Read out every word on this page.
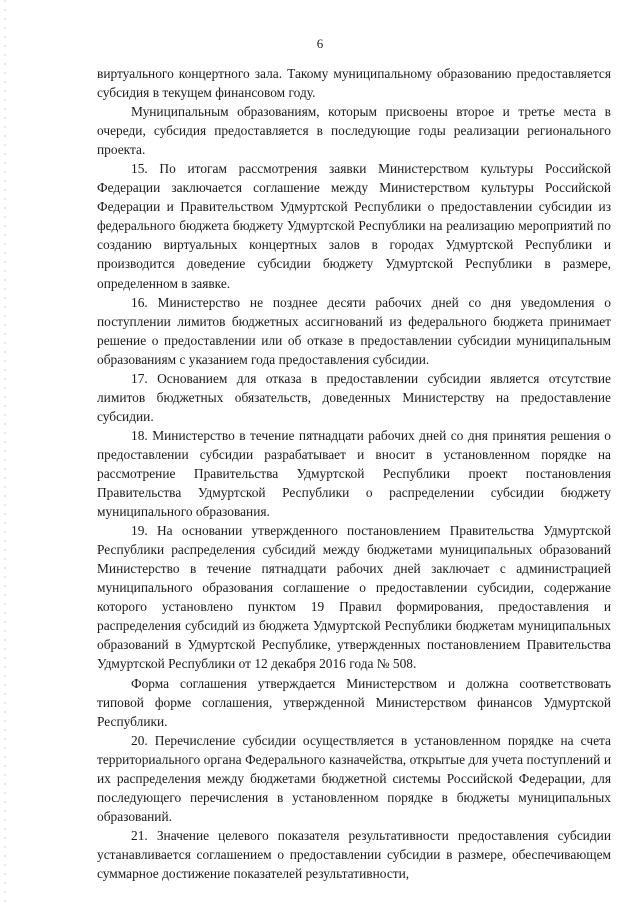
6

виртуального концертного зала. Такому муниципальному образованию предоставляется субсидия в текущем финансовом году.

Муниципальным образованиям, которым присвоены второе и третье места в очереди, субсидия предоставляется в последующие годы реализации регионального проекта.

15. По итогам рассмотрения заявки Министерством культуры Российской Федерации заключается соглашение между Министерством культуры Российской Федерации и Правительством Удмуртской Республики о предоставлении субсидии из федерального бюджета бюджету Удмуртской Республики на реализацию мероприятий по созданию виртуальных концертных залов в городах Удмуртской Республики и производится доведение субсидии бюджету Удмуртской Республики в размере, определенном в заявке.

16. Министерство не позднее десяти рабочих дней со дня уведомления о поступлении лимитов бюджетных ассигнований из федерального бюджета принимает решение о предоставлении или об отказе в предоставлении субсидии муниципальным образованиям с указанием года предоставления субсидии.

17. Основанием для отказа в предоставлении субсидии является отсутствие лимитов бюджетных обязательств, доведенных Министерству на предоставление субсидии.

18. Министерство в течение пятнадцати рабочих дней со дня принятия решения о предоставлении субсидии разрабатывает и вносит в установленном порядке на рассмотрение Правительства Удмуртской Республики проект постановления Правительства Удмуртской Республики о распределении субсидии бюджету муниципального образования.

19. На основании утвержденного постановлением Правительства Удмуртской Республики распределения субсидий между бюджетами муниципальных образований Министерство в течение пятнадцати рабочих дней заключает с администрацией муниципального образования соглашение о предоставлении субсидии, содержание которого установлено пунктом 19 Правил формирования, предоставления и распределения субсидий из бюджета Удмуртской Республики бюджетам муниципальных образований в Удмуртской Республике, утвержденных постановлением Правительства Удмуртской Республики от 12 декабря 2016 года № 508.

Форма соглашения утверждается Министерством и должна соответствовать типовой форме соглашения, утвержденной Министерством финансов Удмуртской Республики.

20. Перечисление субсидии осуществляется в установленном порядке на счета территориального органа Федерального казначейства, открытые для учета поступлений и их распределения между бюджетами бюджетной системы Российской Федерации, для последующего перечисления в установленном порядке в бюджеты муниципальных образований.

21. Значение целевого показателя результативности предоставления субсидии устанавливается соглашением о предоставлении субсидии в размере, обеспечивающем суммарное достижение показателей результативности,
